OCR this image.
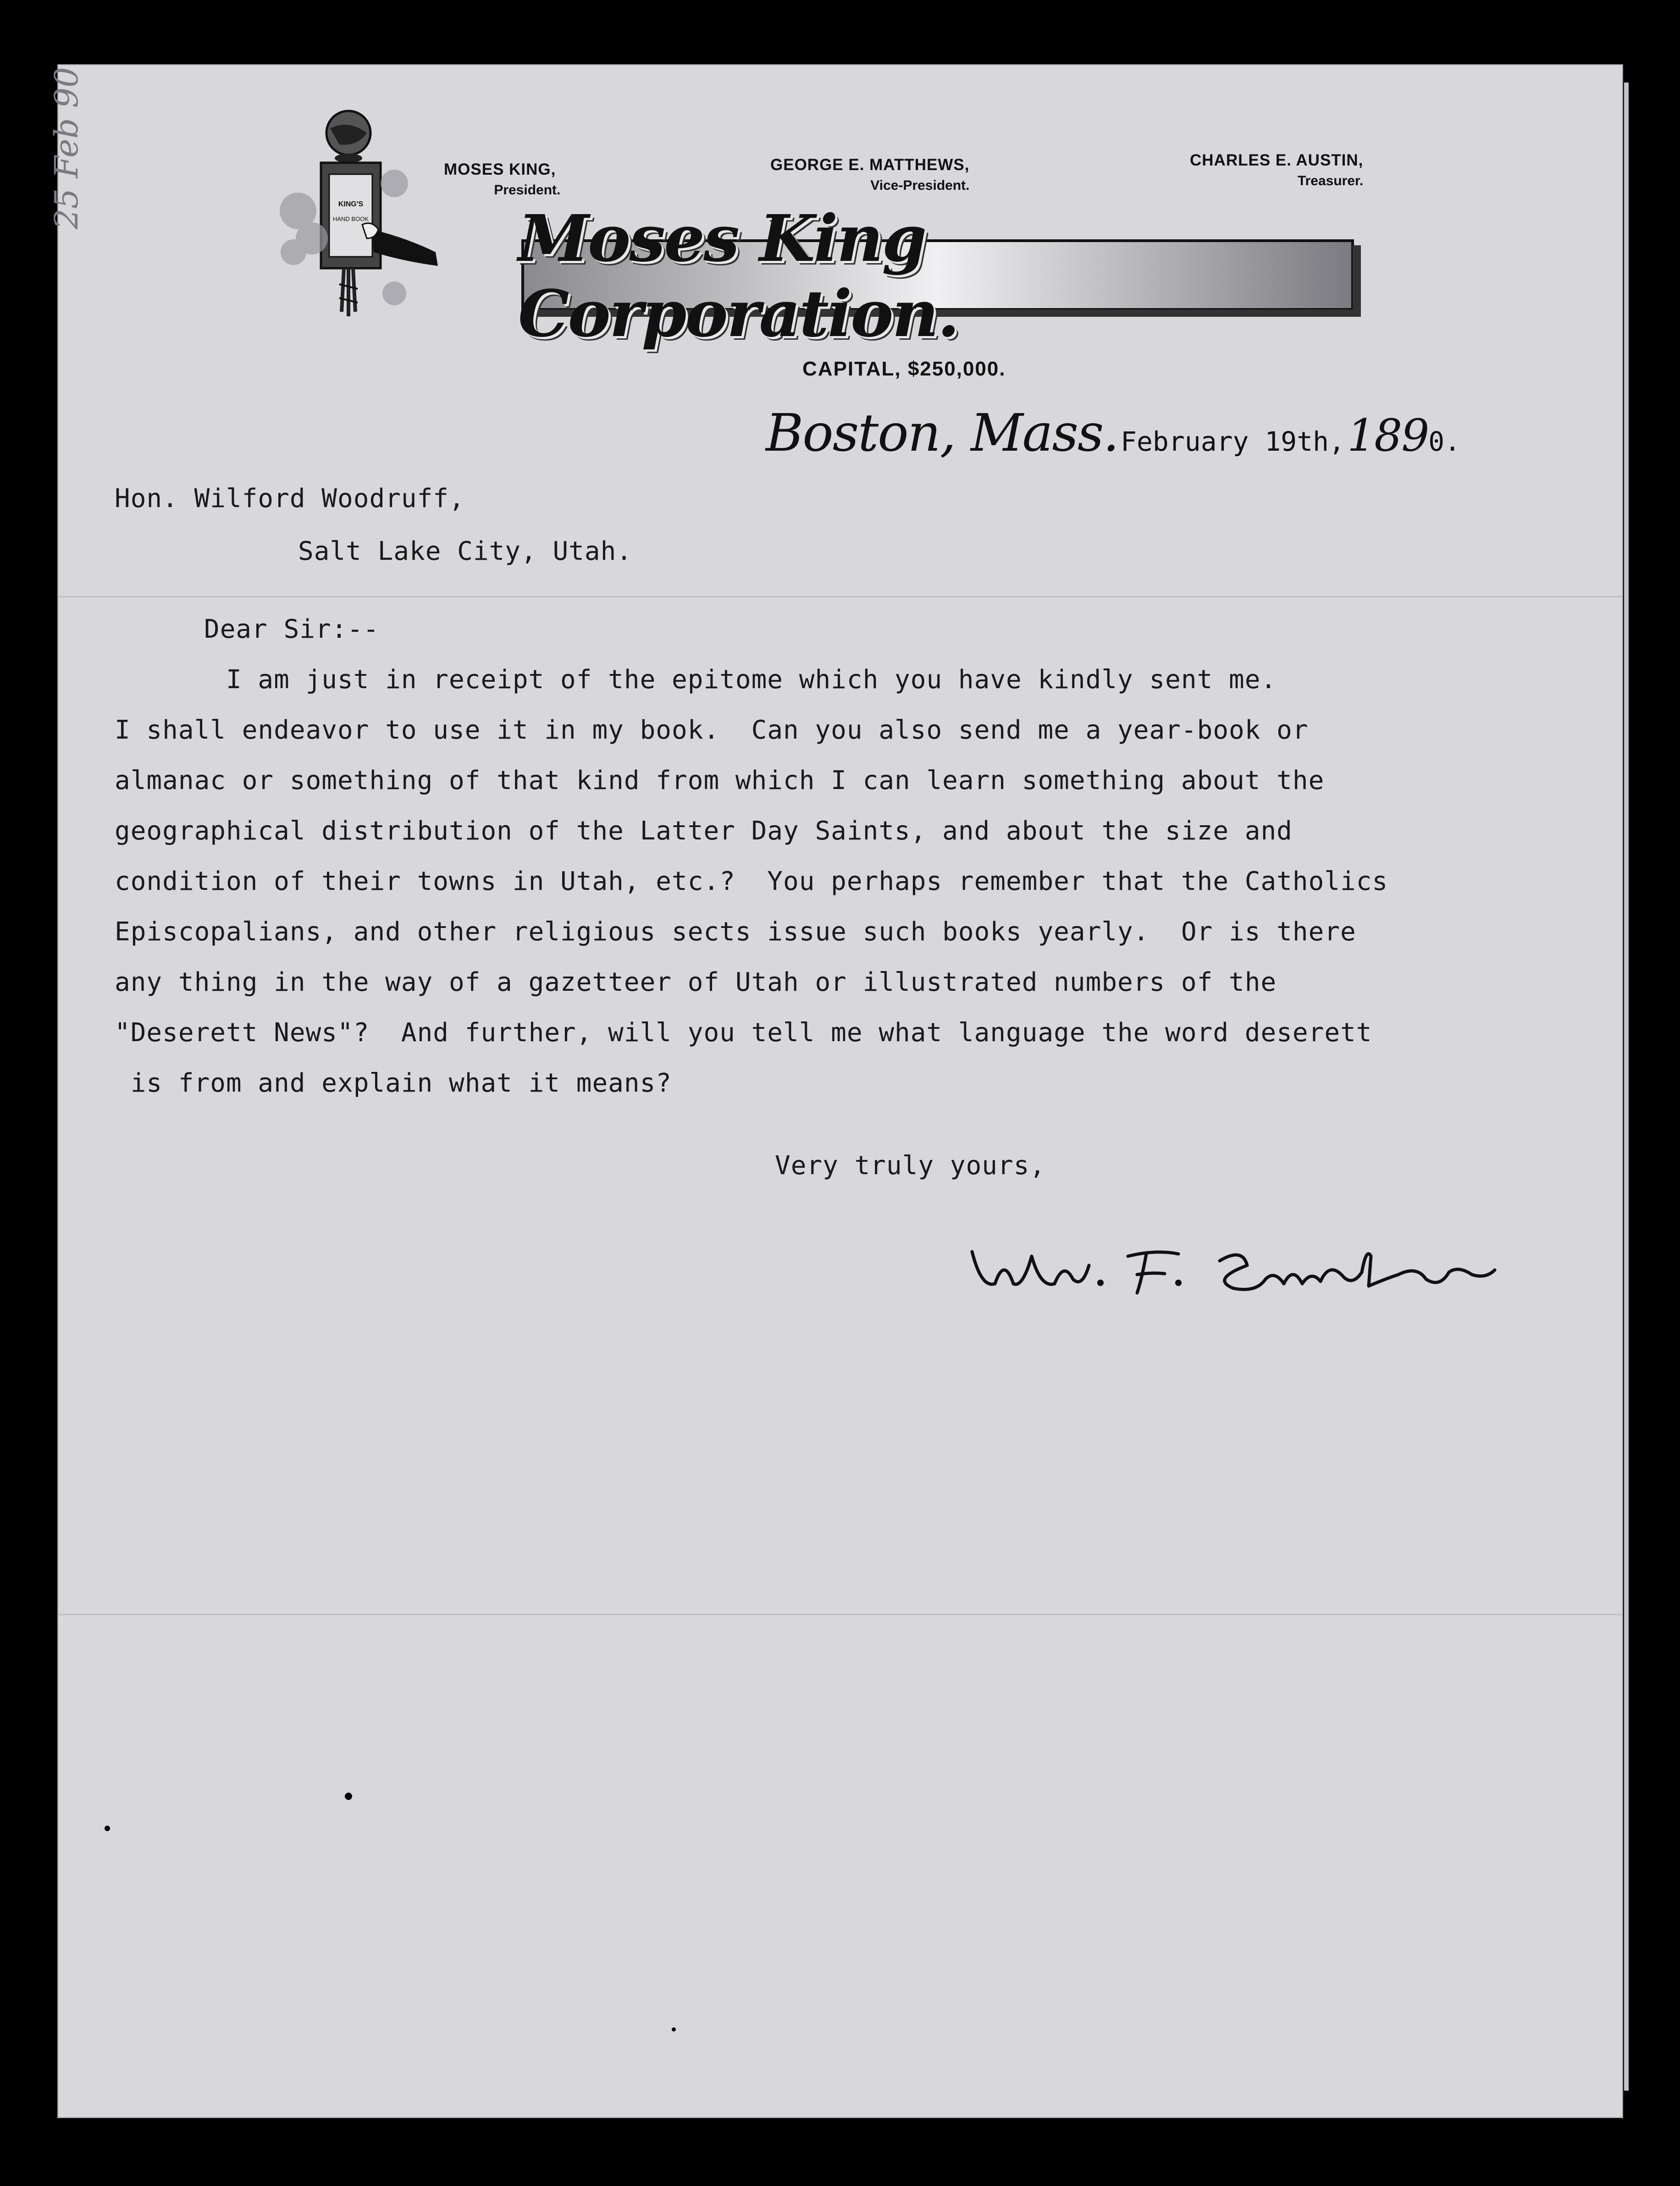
25 Feb 90	MOSES KING,
President.
GEORGE E. MATTHEWS,
Vice-President.
CHARLES E. AUSTIN,
Treasurer.
KING'S
HAND BOOK Moses King Corporation.
CAPITAL, $250,000.
Boston, Mass. February 19th, 1890.
Hon. Wilford Woodruff,
Salt Lake City, Utah.
Dear Sir:--
I am just in receipt of the epitome which you have kindly sent me.
I shall endeavor to use it in my book.  Can you also send me a year-book or
almanac or something of that kind from which I can learn something about the
geographical distribution of the Latter Day Saints, and about the size and
condition of their towns in Utah, etc.?  You perhaps remember that the Catholics
Episcopalians, and other religious sects issue such books yearly.  Or is there
any thing in the way of a gazetteer of Utah or illustrated numbers of the
"Deserett News"?  And further, will you tell me what language the word deserett
is from and explain what it means?
Very truly yours,
